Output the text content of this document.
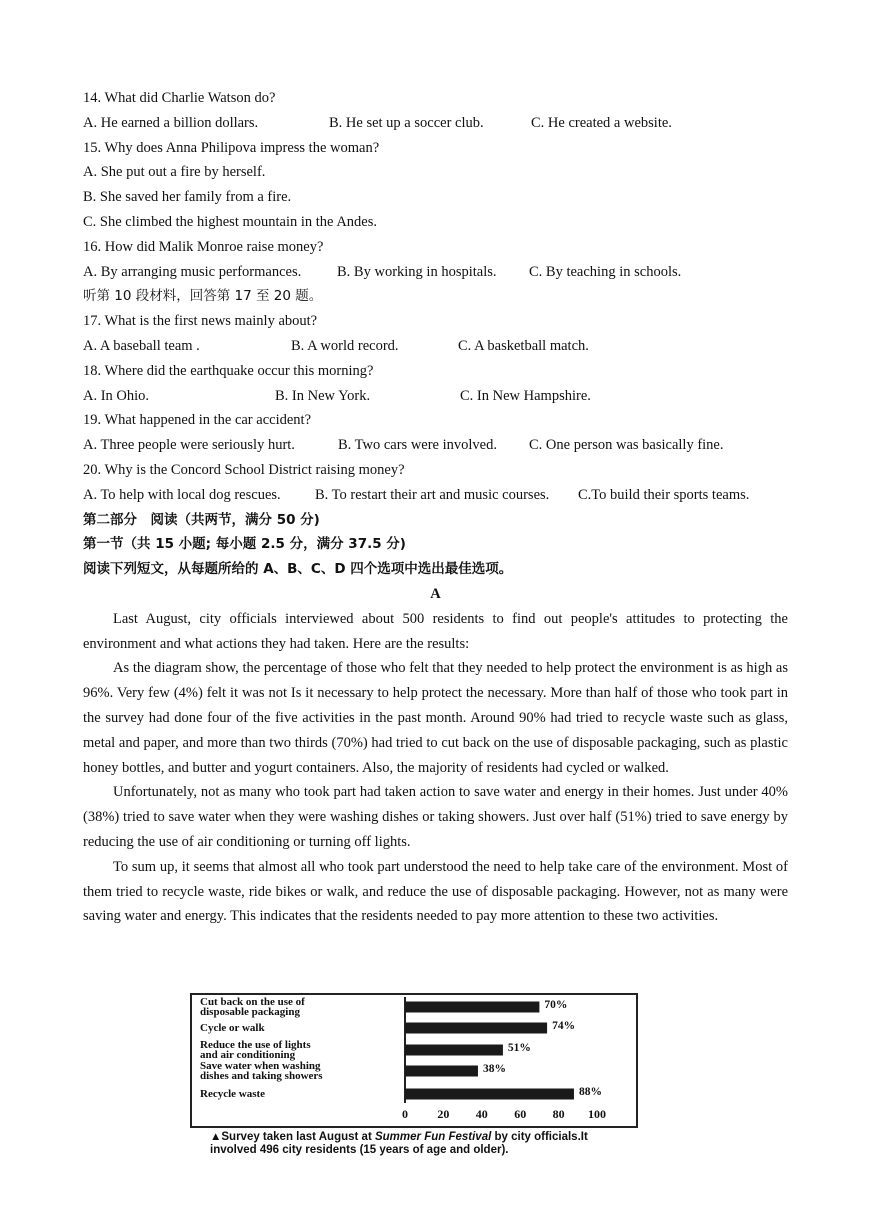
14. What did Charlie Watson do?
A. He earned a billion dollars.	B. He set up a soccer club.	C. He created a website.
15. Why does Anna Philipova impress the woman?
A. She put out a fire by herself.
B. She saved her family from a fire.
C. She climbed the highest mountain in the Andes.
16. How did Malik Monroe raise money?
A. By arranging music performances.	B. By working in hospitals.	C. By teaching in schools.
听第 10 段材料，回答第 17 至 20 题。
17. What is the first news mainly about?
A. A baseball team .	B. A world record.	C. A basketball match.
18. Where did the earthquake occur this morning?
A. In Ohio.	B. In New York.	C. In New Hampshire.
19. What happened in the car accident?
A. Three people were seriously hurt.	B. Two cars were involved.	C. One person was basically fine.
20. Why is the Concord School District raising money?
A. To help with local dog rescues.	B. To restart their art and music courses.	C.To build their sports teams.
第二部分　阅读（共两节，满分 50 分)
第一节（共 15 小题; 每小题 2.5 分，满分 37.5 分)
阅读下列短文，从每题所给的 A、B、C、D 四个选项中选出最佳选项。
A

Last August, city officials interviewed about 500 residents to find out people's attitudes to protecting the environment and what actions they had taken. Here are the results:

As the diagram show, the percentage of those who felt that they needed to help protect the environment is as high as 96%. Very few (4%) felt it was not Is it necessary to help protect the necessary. More than half of those who took part in the survey had done four of the five activities in the past month. Around 90% had tried to recycle waste such as glass, metal and paper, and more than two thirds (70%) had tried to cut back on the use of disposable packaging, such as plastic honey bottles, and butter and yogurt containers. Also, the majority of residents had cycled or walked.

Unfortunately, not as many who took part had taken action to save water and energy in their homes. Just under 40% (38%) tried to save water when they were washing dishes or taking showers. Just over half (51%) tried to save energy by reducing the use of air conditioning or turning off lights.

To sum up, it seems that almost all who took part understood the need to help take care of the environment. Most of them tried to recycle waste, ride bikes or walk, and reduce the use of disposable packaging. However, not as many were saving water and energy. This indicates that the residents needed to pay more attention to these two activities.

Cut back on the use of
disposable packaging
70%
Cycle or walk	74%
Reduce the use of lights
and air conditioning
51%
Save water when washing
dishes and taking showers
38%
Recycle waste	88%
0 20 40 60 80 100
▲Survey taken last August at Summer Fun Festival by city officials.It involved 496 city residents (15 years of age and older).
